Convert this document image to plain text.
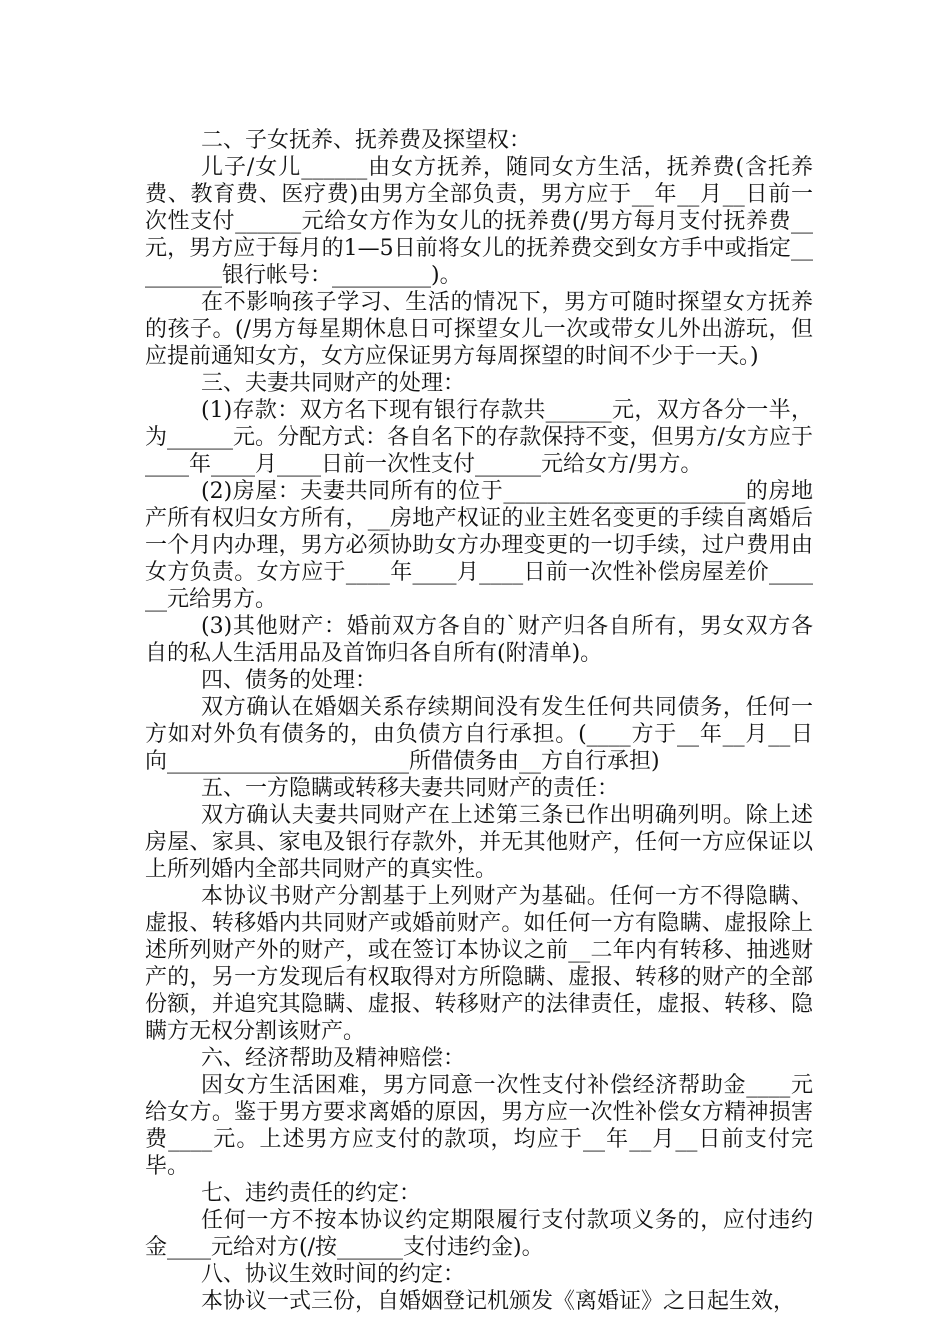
二、子女抚养、抚养费及探望权：

儿子/女儿______由女方抚养，随同女方生活，抚养费(含托养费、教育费、医疗费)由男方全部负责，男方应于__年__月__日前一次性支付______元给女方作为女儿的抚养费(/男方每月支付抚养费__元，男方应于每月的1—5日前将女儿的抚养费交到女方手中或指定_________银行帐号：_________)。

在不影响孩子学习、生活的情况下，男方可随时探望女方抚养的孩子。(/男方每星期休息日可探望女儿一次或带女儿外出游玩，但应提前通知女方，女方应保证男方每周探望的时间不少于一天。)

三、夫妻共同财产的处理：

(1)存款：双方名下现有银行存款共______元，双方各分一半，为______元。分配方式：各自名下的存款保持不变，但男方/女方应于____年____月____日前一次性支付______元给女方/男方。

(2)房屋：夫妻共同所有的位于______________________的房地产所有权归女方所有，__房地产权证的业主姓名变更的手续自离婚后一个月内办理，男方必须协助女方办理变更的一切手续，过户费用由女方负责。女方应于____年____月____日前一次性补偿房屋差价______元给男方。

(3)其他财产：婚前双方各自的`财产归各自所有，男女双方各自的私人生活用品及首饰归各自所有(附清单)。

四、债务的处理：

双方确认在婚姻关系存续期间没有发生任何共同债务，任何一方如对外负有债务的，由负债方自行承担。(____方于__年__月__日向______________________所借债务由__方自行承担)

五、一方隐瞒或转移夫妻共同财产的责任：

双方确认夫妻共同财产在上述第三条已作出明确列明。除上述房屋、家具、家电及银行存款外，并无其他财产，任何一方应保证以上所列婚内全部共同财产的真实性。

本协议书财产分割基于上列财产为基础。任何一方不得隐瞒、虚报、转移婚内共同财产或婚前财产。如任何一方有隐瞒、虚报除上述所列财产外的财产，或在签订本协议之前__二年内有转移、抽逃财产的，另一方发现后有权取得对方所隐瞒、虚报、转移的财产的全部份额，并追究其隐瞒、虚报、转移财产的法律责任，虚报、转移、隐瞒方无权分割该财产。

六、经济帮助及精神赔偿：

因女方生活困难，男方同意一次性支付补偿经济帮助金____元给女方。鉴于男方要求离婚的原因，男方应一次性补偿女方精神损害费____元。上述男方应支付的款项，均应于__年__月__日前支付完毕。

七、违约责任的约定：

任何一方不按本协议约定期限履行支付款项义务的，应付违约金____元给对方(/按______支付违约金)。

八、协议生效时间的约定：

本协议一式三份，自婚姻登记机颁发《离婚证》之日起生效，
